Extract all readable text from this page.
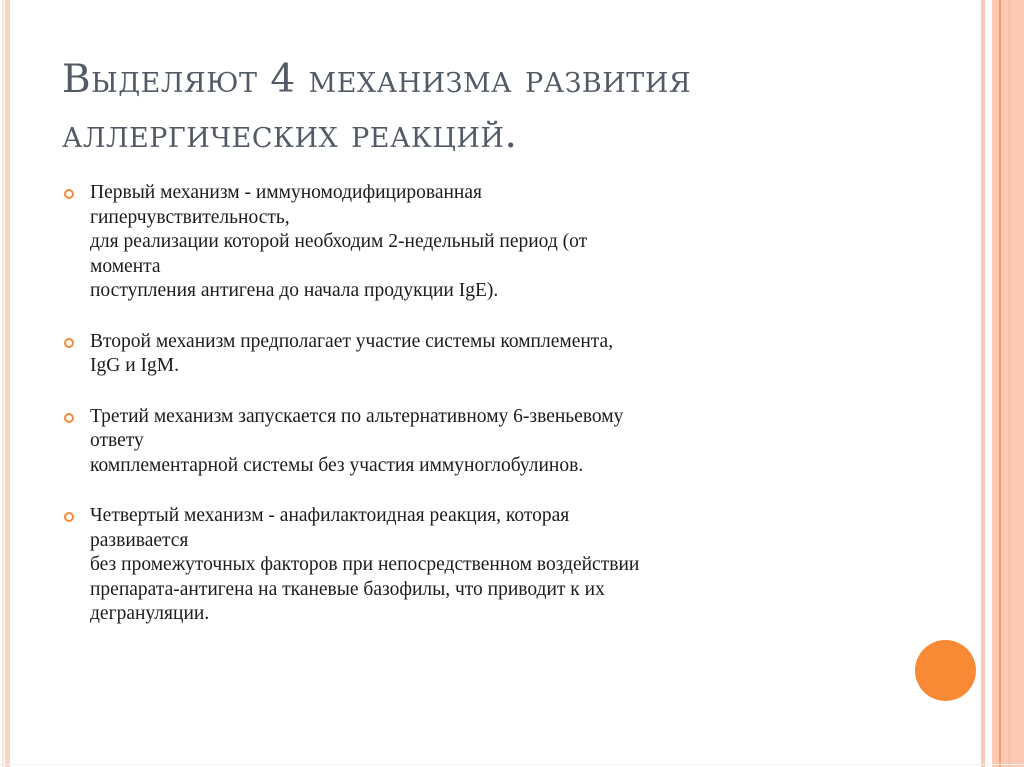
Выделяют 4 механизма развития
аллергических реакций.
Первый механизм - иммуномодифицированная
гиперчувствительность,
для реализации которой необходим 2-недельный период (от
момента
поступления антигена до начала продукции IgE).
Второй механизм предполагает участие системы комплемента,
IgG и IgM.
Третий механизм запускается по альтернативному 6-звеньевому
ответу
комплементарной системы без участия иммуноглобулинов.
Четвертый механизм - анафилактоидная реакция, которая
развивается
без промежуточных факторов при непосредственном воздействии
препарата-антигена на тканевые базофилы, что приводит к их
дегрануляции.
